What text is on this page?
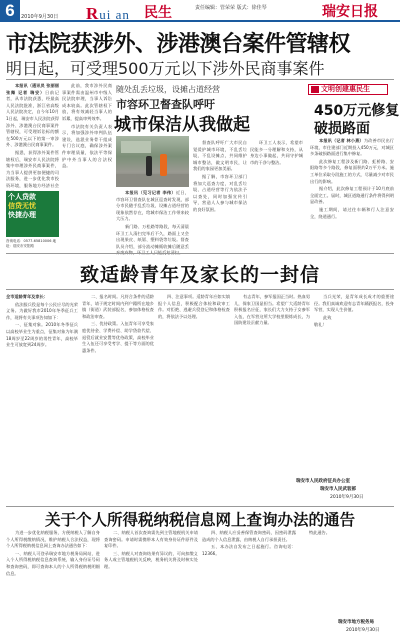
6	2010年9月30日 Rui an 民生	责任编辑：管荣荣 版式：徐佳琴	瑞安日报
市法院获涉外、涉港澳台案件管辖权
明日起，可受理500万元以下涉外民商事案件

本报讯（通讯员 张丽丽 张舞 记者 瑞安）日前记者，从市法院获悉，经最高人民法院批准，浙江省高级人民法院决定，自今年10月1日起，瑞安市人民法院获得涉外、涉港澳台民商事案件管辖权，可受理诉讼标的额在500万元以下的第一审涉外、涉港澳台民商事案件。

据悉，获得涉外案件管辖权后，瑞安市人民法院将集中审理涉外民商事案件，为当事人提供更加便捷的司法服务，进一步优化我市投资环境，服务地方经济社会

此前，我市涉外民商事案件需由温州市中级人民法院审理，当事人诉讼成本较高。此次管辖权下放，将有效减轻当事人的诉累，提高审判效率。

市法院有关负责人表示，将加强涉外审判队伍建设，选派业务骨干组成专门合议庭，确保涉外案件审理质量，依法平等保护中外当事人的合法权益。

个人贷款
信贷无忧
快捷办理
咨询电话：0577-65810006 地址：瑞安市安阳路
随处乱丢垃圾，设摊占道经营
市容环卫督查队呼吁
城市保洁从我做起

本报讯（见习记者 李伟）近日，市容环卫督查队在城区巡查时发现，部分市民随手乱丢垃圾、设摊占道经营的现象依然存在，给城市保洁工作带来较大压力。

新门路、万松路等路段，每天清晨环卫工人清扫完毕后不久，路面上又会出现果皮、纸屑、塑料袋等垃圾。督查队员介绍，部分流动摊贩收摊后随意丢

督查队呼吁广大市民自觉爱护城市环境，不乱丢垃圾，不乱设摊点，共同维护城市整洁，做文明市民，让我们的家园更加美丽。

据了解，市容环卫部门将加大巡查力度，对乱丢垃圾、占道经营等行为依法予以查处，同时加强宣传引导，营造人人参与城市保洁的良好氛围。

环卫工人表示，希望市民能多一分理解和支持，从身边小事做起，共同守护城市的干净与整洁。

文明创建惠民生
450万元修复
破损路面

本报讯（记者 林小燕）为改善市民出行环境，市住建部门近期投入450万元，对城区多条破损路面进行集中修复。

此次修复工程涉及新门路、虹桥路、安阳路等多个路段，修复面积约2万平方米。施工单位采取分段施工的方式，尽量减少对市民出行的影响。

据介绍，此次修复工程预计于10月底前全面完工。届时，城区道路通行条件将得到明显改善。

施工期间，请过往车辆和行人注意安全，绕道通行。

致适龄青年及家长的一封信

全市适龄青年及家长：

依法服兵役是每个公民应尽的光荣义务。为做好我市2010年冬季征兵工作，现将有关事项告知如下：

一、征集对象。2010年冬季征兵以高校毕业生为重点，征集对象为年满18周岁至22周岁的男性青年，高校毕业生可放宽到24周岁。

二、报名时间。凡符合条件的适龄青年，请于规定时间内到户籍所在地乡镇（街道）武装部报名，参加体格检查和政治审查。

三、优待政策。入伍青年可享受家庭优待金、学费补偿、助学贷款代偿、退役后就业安置等优待政策，高校毕业生入伍还可享受考学、提干等方面的优惠条件。

四、注意事项。适龄青年应如实填报个人信息，积极配合体检和政审工作。对拒绝、逃避兵役登记和体格检查的，将依法予以处理。

有志青年，参军报国正当时。热血男儿，保家卫国显担当。希望广大适龄青年积极报名应征，家长们大力支持子女参军入伍，在军营这所大学校里锻炼成长，为国防建设贡献力量。

当兵光荣，是青年成长成才的重要途径。我们真诚欢迎有志青年踊跃报名，投身军营，实现人生价值。

此致

敬礼！

瑞安市人民政府征兵办公室
瑞安市人民武装部
2010年9月30日
关于个人所得税纳税信息网上查询办法的通告

为进一步优化纳税服务，方便纳税人了解自身个人所得税缴纳情况，维护纳税人合法权益，现将个人所得税纳税信息网上查询办法通告如下：

一、纳税人可登录瑞安市地方税务局网站，进入个人所得税纳税信息查询系统，输入身份证号码和查询密码，即可查询本人的个人所得税纳税明细信息。

二、纳税人首次查询需先到主管地税机关申请查询密码。申请时需携带本人有效身份证件原件及复印件。

三、纳税人对查询结果有异议的，可向扣缴义务人或主管地税机关反映，税务机关将及时核实处理。

四、纳税人应妥善保管查询密码，因密码泄露造成的个人信息泄露，由纳税人自行承担责任。

五、本办法自发布之日起施行。咨询电话：12366。

特此通告。

瑞安市地方税务局
2010年9月30日
